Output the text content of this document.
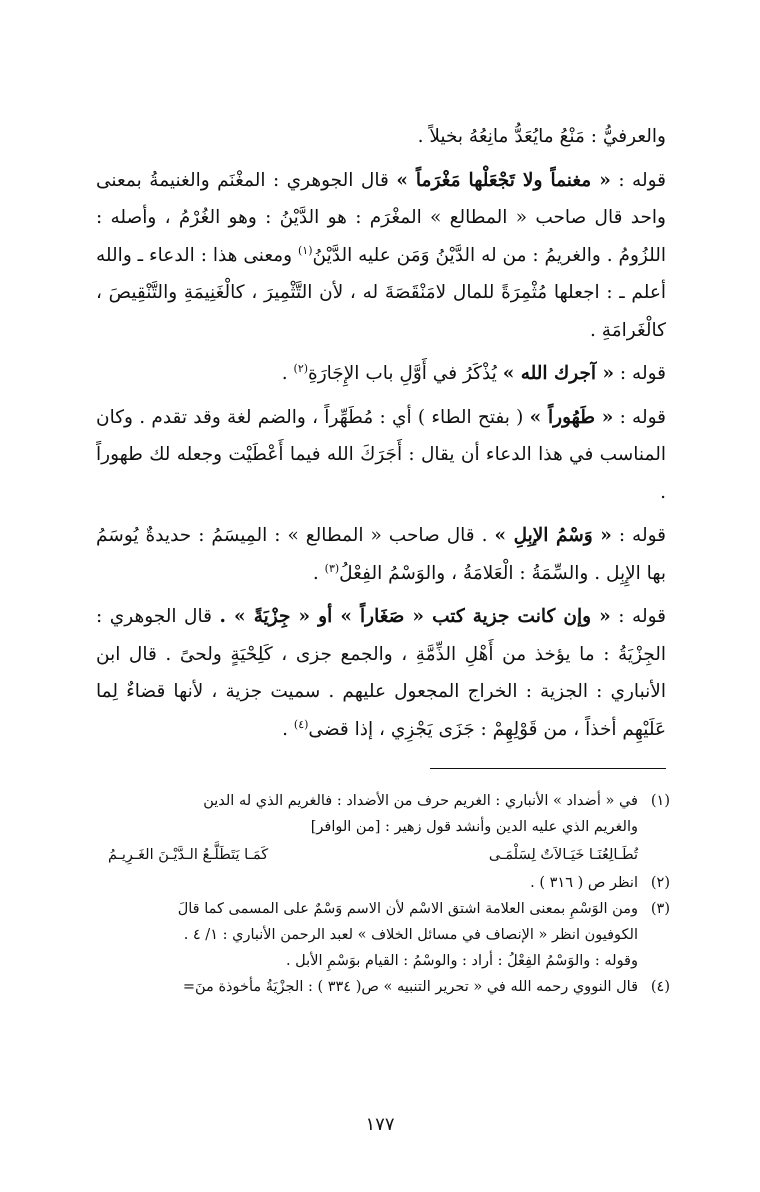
والعرفيُّ : مَنْعُ مايُعَدُّ مانِعُهُ بخيلاً .

قوله : « مغنماً ولا تَجْعَلْها مَغْرَماً » قال الجوهري : المغْنَم والغنيمةُ بمعنى واحد قال صاحب « المطالع » المغْرَم : هو الدَّيْنُ : وهو الغُرْمُ ، وأصله : اللزُومُ . والغريمُ : من له الدَّيْنُ وَمَن عليه الدَّيْنُ$^{(١)}$ ومعنى هذا : الدعاء ـ والله أعلم ـ : اجعلها مُثْمِرَةً للمال لامَنْقَصَةَ له ، لأن التَّثْمِيرَ ، كالْغَنِيمَةِ والتَّنْقِيصَ ، كالْغَرامَةِ .

قوله : « آجرك الله » يُذْكَرُ في أَوَّلِ باب الإِجَارَةِ$^{(٢)}$ .

قوله : « طَهُوراً » ( بفتح الطاء ) أي : مُطَهِّراً ، والضم لغة وقد تقدم . وكان المناسب في هذا الدعاء أن يقال : أَجَرَكَ الله فيما أَعْطَيْت وجعله لك طهوراً .

قوله : « وَسْمُ الإبِلِ » . قال صاحب « المطالع » : المِيسَمُ : حديدةٌ يُوسَمُ بها الإِبِل . والسِّمَةُ : الْعَلامَةُ ، والوَسْمُ الفِعْلُ$^{(٣)}$ .

قوله : « وإن كانت جزية كتب « صَغَاراً » أو « جِزْيَةً » . قال الجوهري : الجِزْيَةُ : ما يؤخذ من أَهْلِ الذِّمَّةِ ، والجمع جزى ، كَلِحْيَةٍ ولحىً . قال ابن الأنباري : الجزية : الخراج المجعول عليهم . سميت جزية ، لأنها قضاءٌ لِما عَلَيْهِم أخذاً ، من قَوْلِهِمْ : جَزَى يَجْزِي ، إذا قضى$^{(٤)}$ .

(١)
في « أضداد » الأنباري : الغريم حرف من الأضداد : فالغريم الذي له الدين
والغريم الذي عليه الدين وأنشد قول زهير : [من الوافر]
تُطَـالِعُنَـا خَيَـالاَتٌ لِسَلْمَـى
كَمَـا يَتَطَلَّـعُ الـدَّيْـنَ الغَـرِيـمُ
(٢)
انظر ص ( ٣١٦ ) .
(٣)
ومن الوَسْمِ بمعنى العلامة اشتق الاسْم لأن الاسم وَسْمٌ على المسمى كما قالَ
الكوفيون انظر « الإنصاف في مسائل الخلاف » لعبد الرحمن الأنباري : ١/ ٤ .
وقوله : والوَسْمُ الفِعْلُ : أراد : والوسْمُ : القيام بوَسْمِ الأبل .
(٤)
قال النووي رحمه الله في « تحرير التنبيه » ص( ٣٣٤ ) : الجزْيَةُ مأخوذة منَ=
١٧٧
